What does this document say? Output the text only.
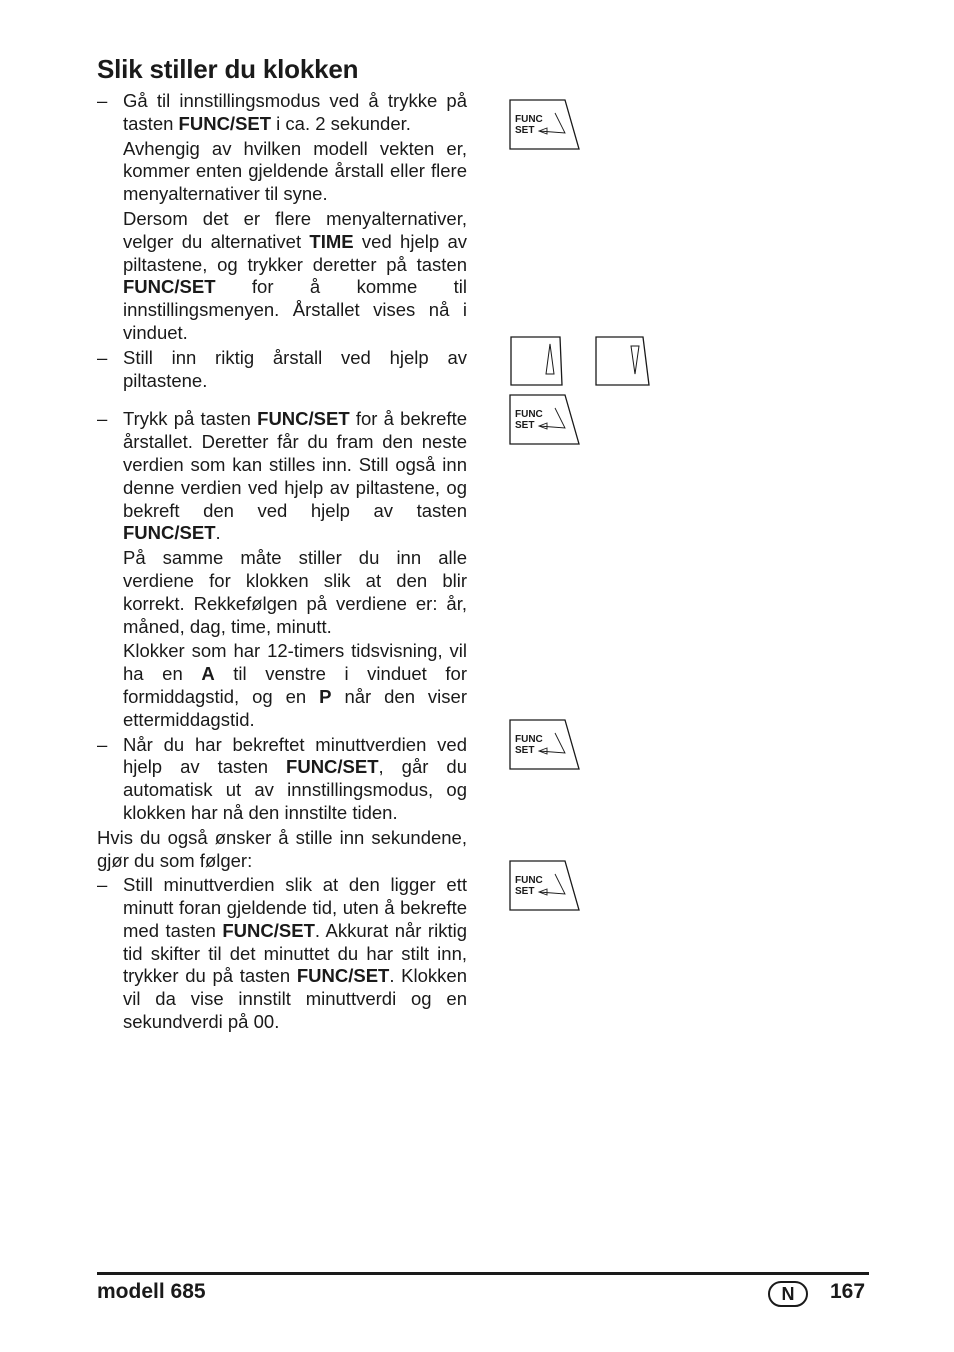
Slik stiller du klokken
– Gå til innstillingsmodus ved å trykke på tasten FUNC/SET i ca. 2 sekunder.

Avhengig av hvilken modell vekten er, kommer enten gjeldende årstall eller flere menyalternativer til syne.

Dersom det er flere menyalternativer, velger du alternativet TIME ved hjelp av piltastene, og trykker deretter på tasten FUNC/SET for å komme til innstillingsmenyen. Årstallet vises nå i vinduet.

– Still inn riktig årstall ved hjelp av piltastene.

– Trykk på tasten FUNC/SET for å bekrefte årstallet. Deretter får du fram den neste verdien som kan stilles inn. Still også inn denne verdien ved hjelp av piltastene, og bekreft den ved hjelp av tasten FUNC/SET.

På samme måte stiller du inn alle verdiene for klokken slik at den blir korrekt. Rekkefølgen på verdiene er: år, måned, dag, time, minutt.

Klokker som har 12-timers tidsvisning, vil ha en A til venstre i vinduet for formiddagstid, og en P når den viser ettermiddagstid.

– Når du har bekreftet minuttverdien ved hjelp av tasten FUNC/SET, går du automatisk ut av innstillingsmodus, og klokken har nå den innstilte tiden.

Hvis du også ønsker å stille inn sekundene, gjør du som følger:

– Still minuttverdien slik at den ligger ett minutt foran gjeldende tid, uten å bekrefte med tasten FUNC/SET. Akkurat når riktig tid skifter til det minuttet du har stilt inn, trykker du på tasten FUNC/SET. Klokken vil da vise innstilt minuttverdi og en sekundverdi på 00.

FUNC
SET
FUNC
SET
FUNC
SET
FUNC
SET
modell 685	N	167
